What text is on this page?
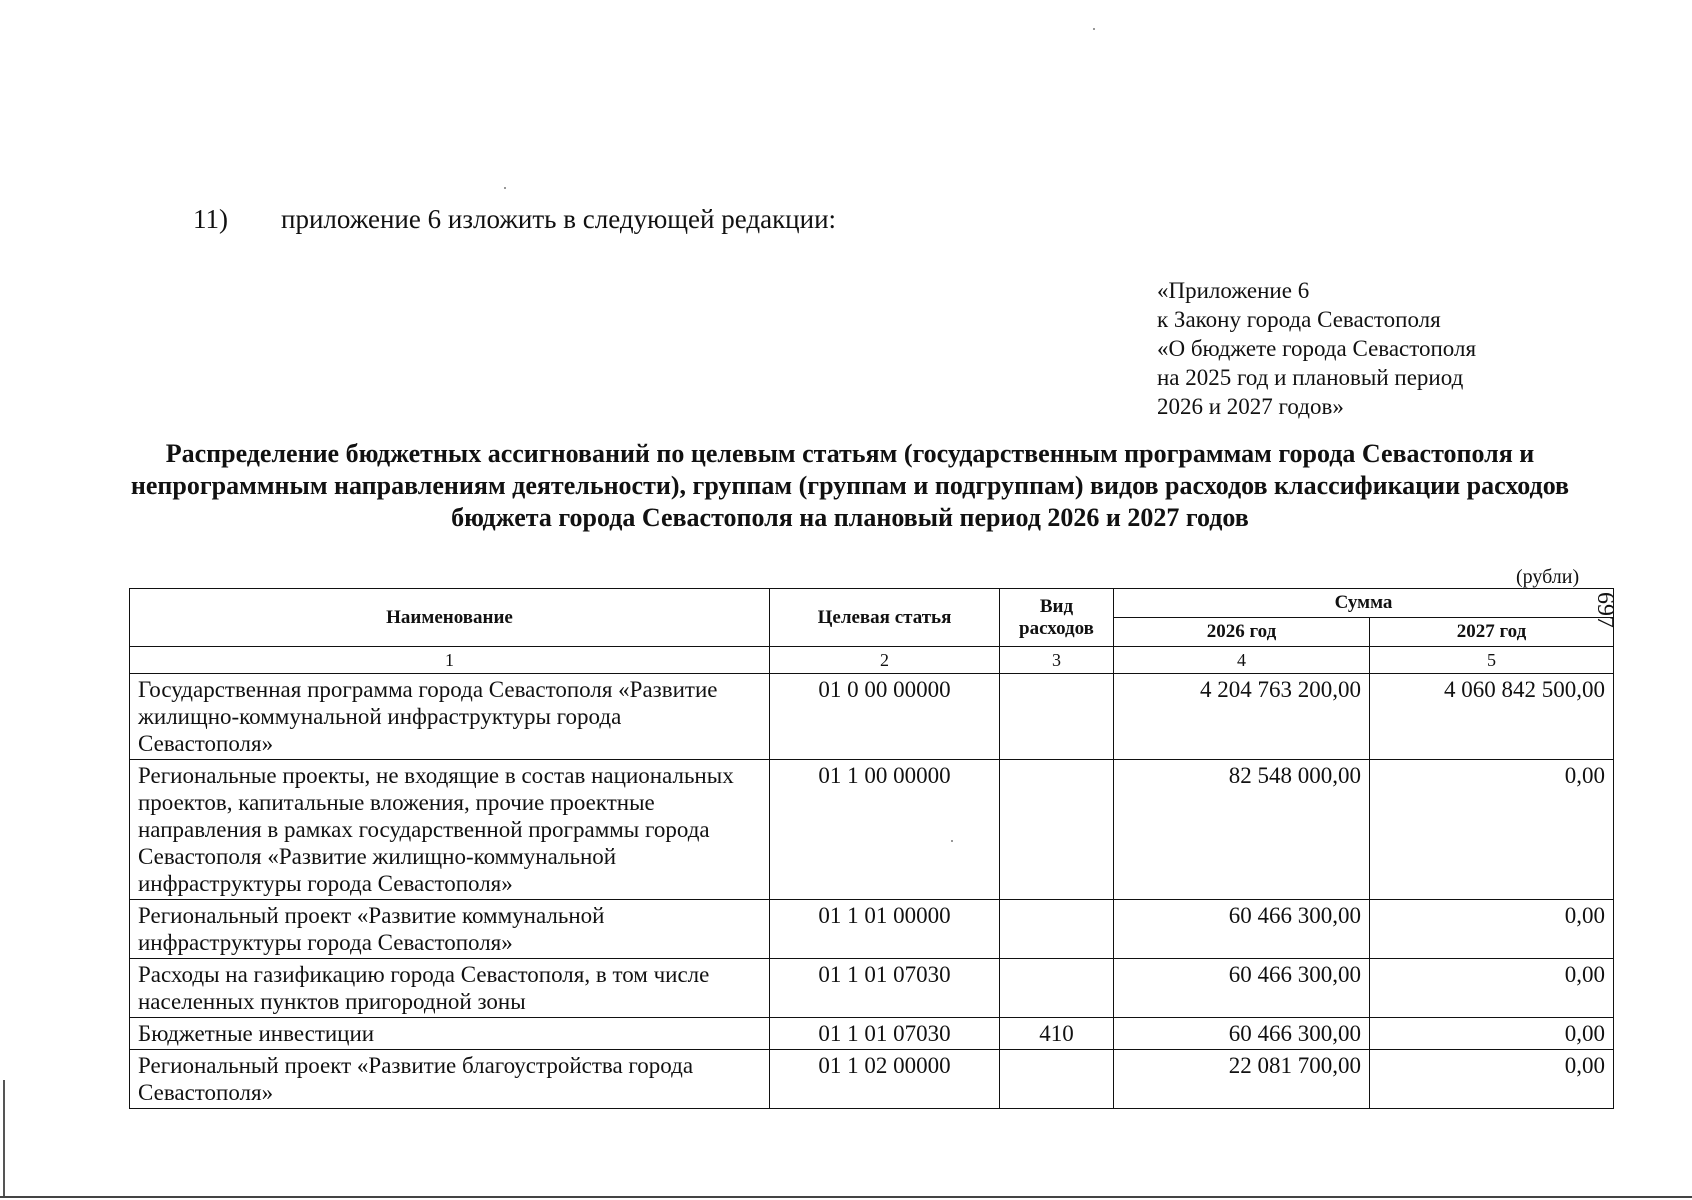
697
11) приложение 6 изложить в следующей редакции:
«Приложение 6
к Закону города Севастополя
«О бюджете города Севастополя
на 2025 год и плановый период
2026 и 2027 годов»
Распределение бюджетных ассигнований по целевым статьям (государственным программам города Севастополя и непрограммным направлениям деятельности), группам (группам и подгруппам) видов расходов классификации расходов бюджета города Севастополя на плановый период 2026 и 2027 годов
(рубли)
Наименование	Целевая статья	Вид расходов	Сумма	
			2026 год	2027 год
1	2	3	4	5
Государственная программа города Севастополя «Развитие жилищно-коммунальной инфраструктуры города Севастополя»	01 0 00 00000		4 204 763 200,00	4 060 842 500,00
Региональные проекты, не входящие в состав национальных проектов, капитальные вложения, прочие проектные направления в рамках государственной программы города Севастополя «Развитие жилищно-коммунальной инфраструктуры города Севастополя»	01 1 00 00000		82 548 000,00	0,00
Региональный проект «Развитие коммунальной инфраструктуры города Севастополя»	01 1 01 00000		60 466 300,00	0,00
Расходы на газификацию города Севастополя, в том числе населенных пунктов пригородной зоны	01 1 01 07030		60 466 300,00	0,00
Бюджетные инвестиции	01 1 01 07030	410	60 466 300,00	0,00
Региональный проект «Развитие благоустройства города Севастополя»	01 1 02 00000		22 081 700,00	0,00
